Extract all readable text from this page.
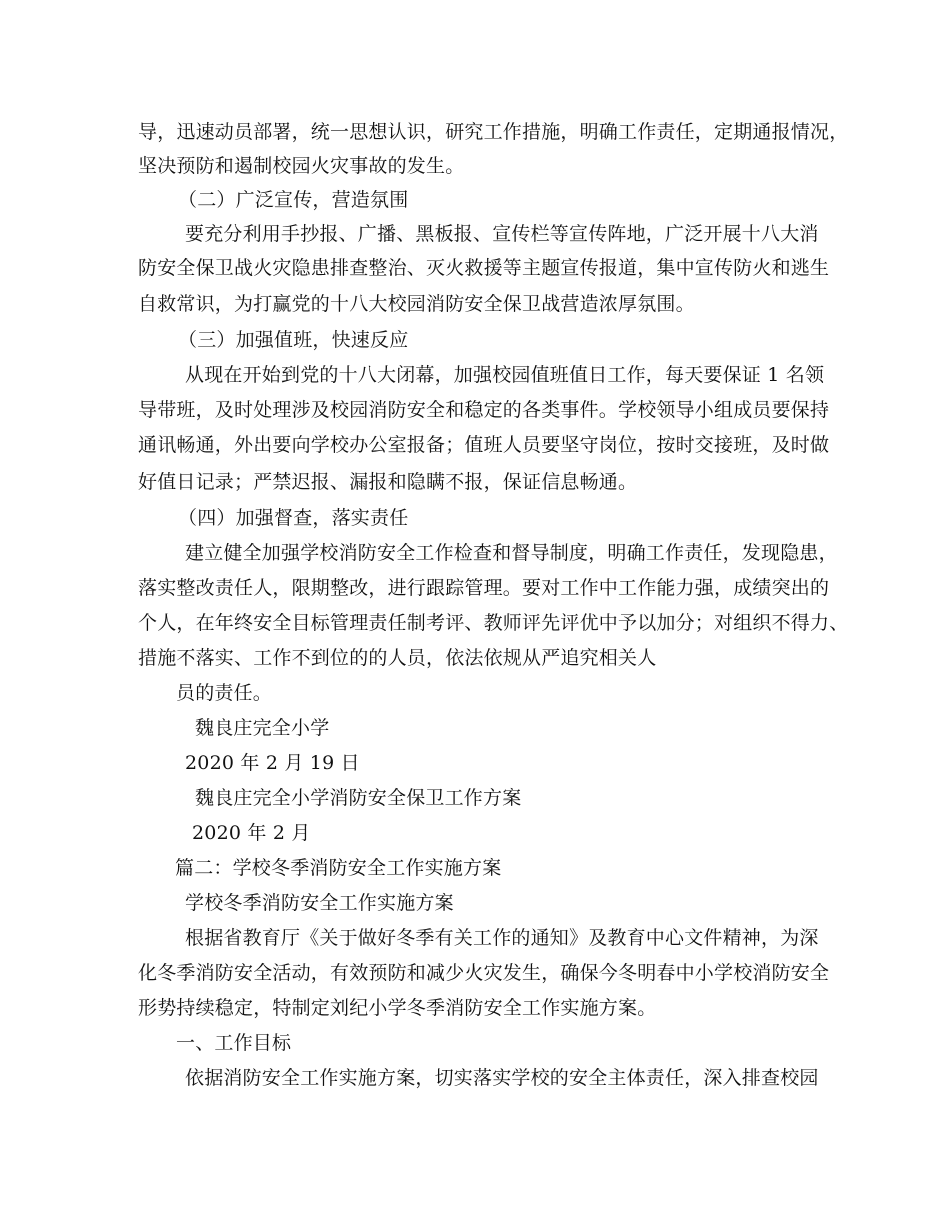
导，迅速动员部署，统一思想认识，研究工作措施，明确工作责任，定期通报情况，
坚决预防和遏制校园火灾事故的发生。
（二）广泛宣传，营造氛围
要充分利用手抄报、广播、黑板报、宣传栏等宣传阵地，广泛开展十八大消
防安全保卫战火灾隐患排查整治、灭火救援等主题宣传报道，集中宣传防火和逃生
自救常识，为打赢党的十八大校园消防安全保卫战营造浓厚氛围。
（三）加强值班，快速反应
从现在开始到党的十八大闭幕，加强校园值班值日工作，每天要保证 1 名领
导带班，及时处理涉及校园消防安全和稳定的各类事件。学校领导小组成员要保持
通讯畅通，外出要向学校办公室报备；值班人员要坚守岗位，按时交接班，及时做
好值日记录；严禁迟报、漏报和隐瞒不报，保证信息畅通。
（四）加强督查，落实责任
建立健全加强学校消防安全工作检查和督导制度，明确工作责任，发现隐患，
落实整改责任人，限期整改，进行跟踪管理。要对工作中工作能力强，成绩突出的
个人，在年终安全目标管理责任制考评、教师评先评优中予以加分；对组织不得力、
措施不落实、工作不到位的的人员，依法依规从严追究相关人
员的责任。
魏良庄完全小学
2020 年 2 月 19 日
魏良庄完全小学消防安全保卫工作方案
2020 年 2 月
篇二：学校冬季消防安全工作实施方案
学校冬季消防安全工作实施方案
根据省教育厅《关于做好冬季有关工作的通知》及教育中心文件精神，为深
化冬季消防安全活动，有效预防和减少火灾发生，确保今冬明春中小学校消防安全
形势持续稳定，特制定刘纪小学冬季消防安全工作实施方案。
一、工作目标
依据消防安全工作实施方案，切实落实学校的安全主体责任，深入排查校园
